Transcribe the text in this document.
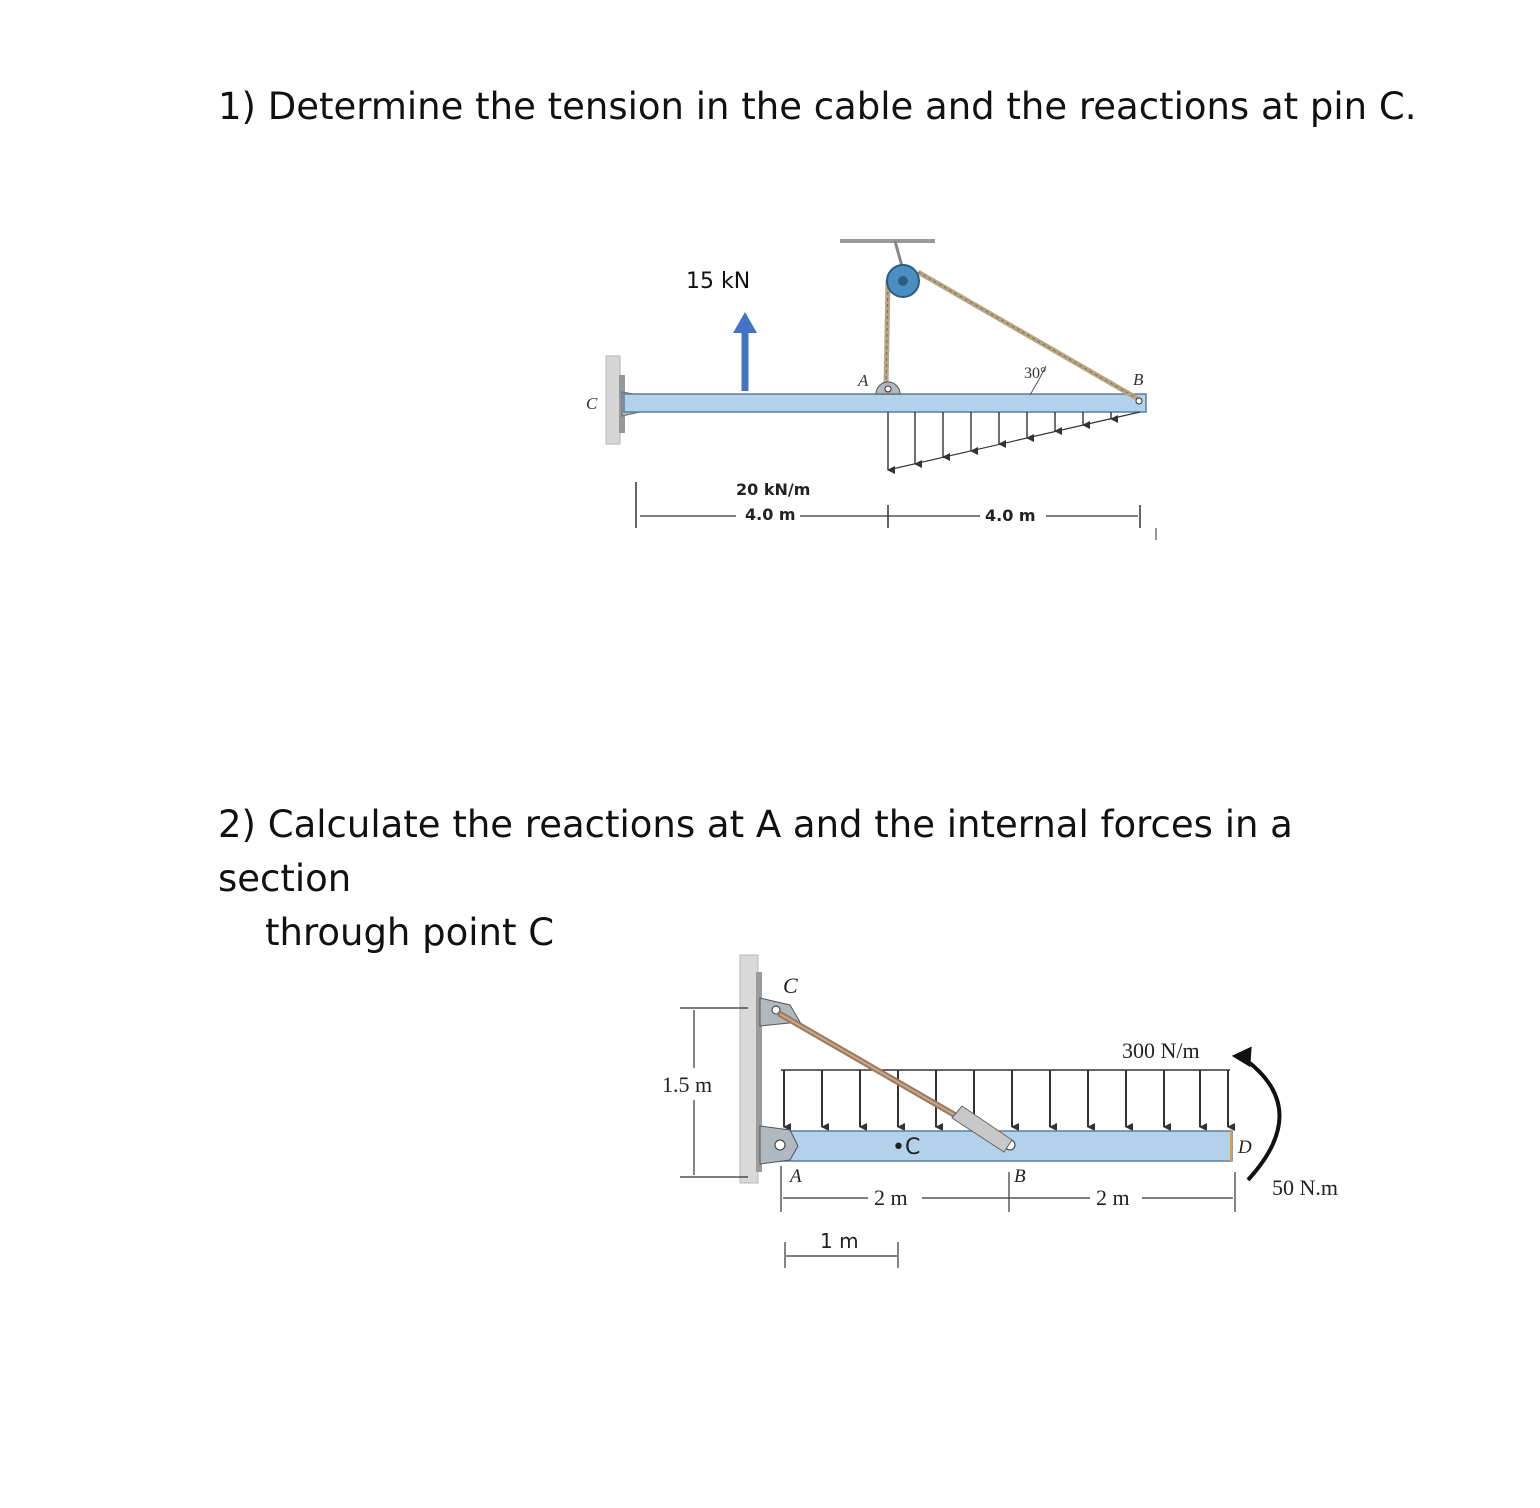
1) Determine the tension in the cable and the reactions at pin C.
2) Calculate the reactions at A and the internal forces in a section
through point C
C
A	B
30°
15 kN
20 kN/m
4.0 m	4.0 m
1.5 m
C
300 N/m
•C
A	B
D
50 N.m
2 m	2 m
1 m
